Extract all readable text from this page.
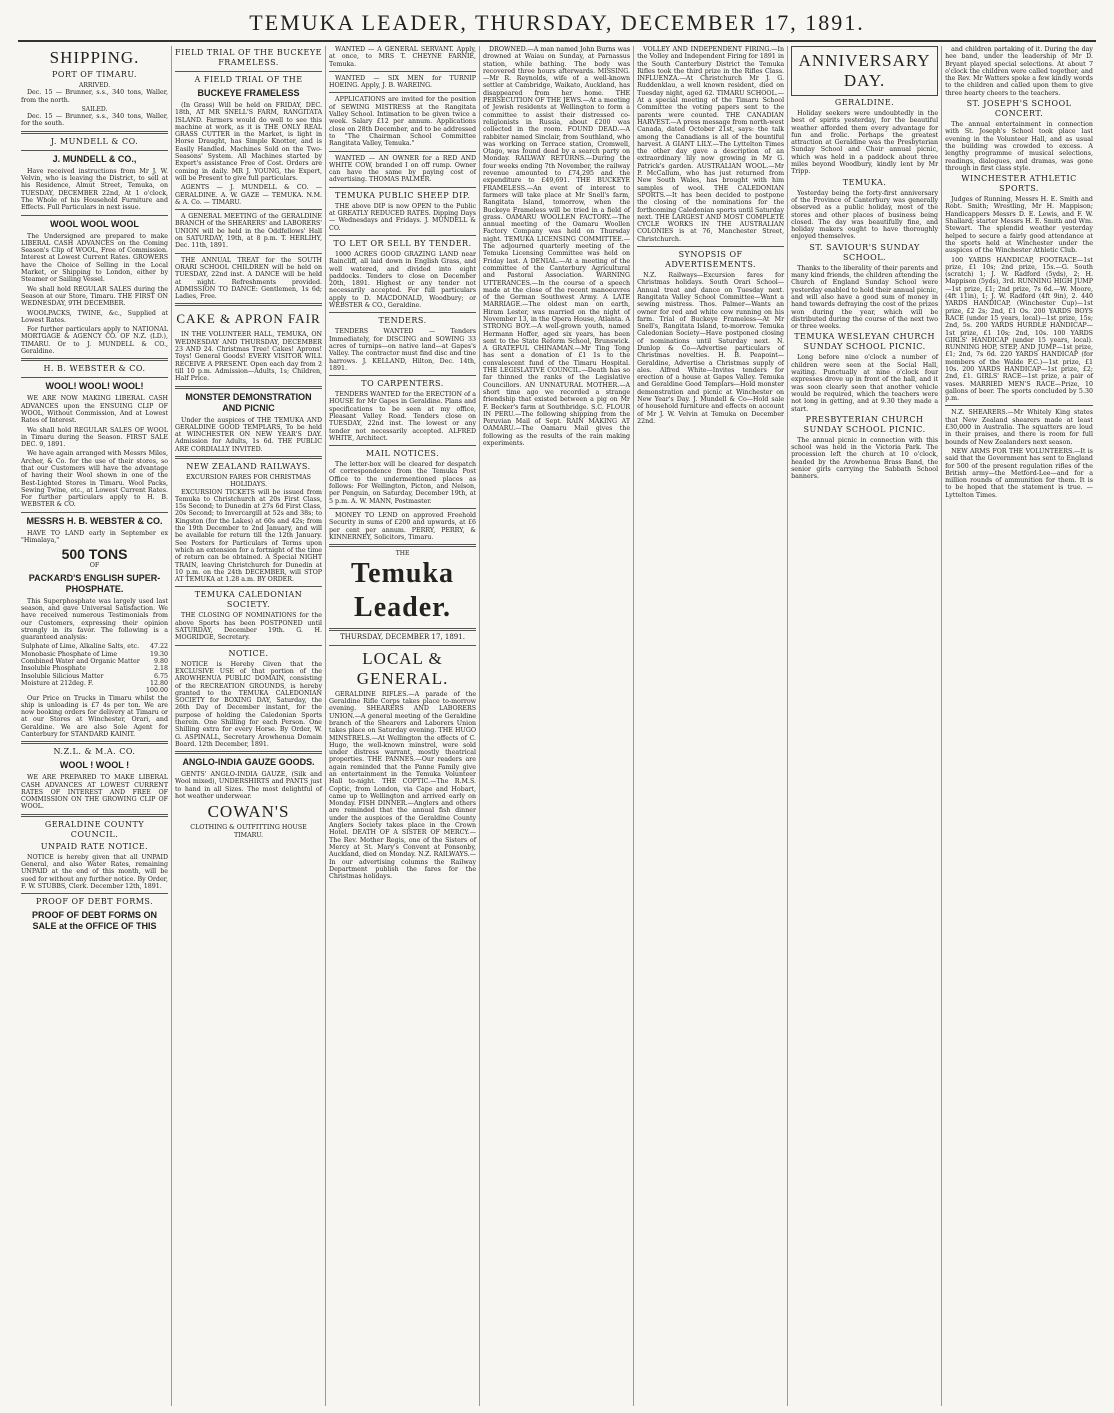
TEMUKA LEADER, THURSDAY, DECEMBER 17, 1891.
SHIPPING.
PORT OF TIMARU.
ARRIVED.

Dec. 15 — Brunner, s.s., 340 tons, Waller, from the north.

SAILED.

Dec. 15 — Brunner, s.s., 340 tons, Waller, for the south.

J. MUNDELL & CO.
J. MUNDELL & CO.,

Have received instructions from Mr J. W. Velvin, who is leaving the District, to sell at his Residence, Almut Street, Temuka, on TUESDAY, DECEMBER 22nd, At 1 o'clock, The Whole of his Household Furniture and Effects. Full Particulars in next issue.

WOOL WOOL WOOL

The Undersigned are prepared to make LIBERAL CASH ADVANCES on the Coming Season's Clip of WOOL, Free of Commission. Interest at Lowest Current Rates. GROWERS have the Choice of Selling in the Local Market, or Shipping to London, either by Steamer or Sailing Vessel.

We shall hold REGULAR SALES during the Season at our Store, Timaru. THE FIRST ON WEDNESDAY, 9TH DECEMBER.

WOOLPACKS, TWINE, &c., Supplied at Lowest Rates.

For further particulars apply to NATIONAL MORTGAGE & AGENCY CO. OF N.Z. (LD.), TIMARU. Or to J. MUNDELL & CO., Geraldine.

H. B. WEBSTER & CO.
WOOL! WOOL! WOOL!

WE ARE NOW MAKING LIBERAL CASH ADVANCES upon the ENSUING CLIP OF WOOL, Without Commission, And at Lowest Rates of Interest.

We shall hold REGULAR SALES OF WOOL in Timaru during the Season. FIRST SALE DEC. 9, 1891.

We have again arranged with Messrs Miles, Archer, & Co. for the use of their stores, so that our Customers will have the advantage of having their Wool shown in one of the Best-Lighted Stores in Timaru. Wool Packs, Sewing Twine, etc., at Lowest Current Rates. For further particulars apply to H. B. WEBSTER & CO.

MESSRS H. B. WEBSTER & CO.

HAVE TO LAND early in September ex "Himalaya,"

500 TONS
OF
PACKARD'S ENGLISH SUPER-PHOSPHATE.

This Superphosphate was largely used last season, and gave Universal Satisfaction. We have received numerous Testimonials from our Customers, expressing their opinion strongly in its favor. The following is a guaranteed analysis:

Sulphate of Lime, Alkaline Salts, etc.	47.22
Monobasic Phosphate of Lime	19.30
Combined Water and Organic Matter	9.80
Insoluble Phosphate	2.18
Insoluble Silicious Matter	6.75
Moisture at 212deg. F.	12.80
	100.00

Our Price on Trucks in Timaru whilst the ship is unloading is £7 4s per ton. We are now booking orders for delivery at Timaru or at our Stores at Winchester, Orari, and Geraldine. We are also Sole Agent for Canterbury for STANDARD KAINIT.

N.Z.L. & M.A. CO.
WOOL ! WOOL !

WE ARE PREPARED TO MAKE LIBERAL CASH ADVANCES AT LOWEST CURRENT RATES OF INTEREST AND FREE OF COMMISSION ON THE GROWING CLIP OF WOOL.

GERALDINE COUNTY COUNCIL.
UNPAID RATE NOTICE.

NOTICE is hereby given that all UNPAID General, and also Water Rates, remaining UNPAID at the end of this month, will be sued for without any further notice. By Order, F. W. STUBBS, Clerk. December 12th, 1891.

PROOF OF DEBT FORMS.
PROOF OF DEBT FORMS ON SALE at the OFFICE OF THIS
FIELD TRIAL OF THE BUCKEYE FRAMELESS.
A FIELD TRIAL OF THE
BUCKEYE FRAMELESS

(In Grass) Will be held on FRIDAY, DEC. 18th, AT MR SNELL'S FARM, RANGITATA ISLAND. Farmers would do well to see this machine at work, as it is THE ONLY REAL GRASS CUTTER in the Market, is light in Horse Draught, has Simple Knotter, and is Easily Handled. Machines Sold on the Two-Seasons' System. All Machines started by Expert's assistance Free of Cost. Orders are coming in daily. MR J. YOUNG, the Expert, will be Present to give full particulars.

AGENTS — J. MUNDELL & CO. — GERALDINE. A. W. GAZE — TEMUKA. N.M. & A. Co. — TIMARU.

A GENERAL MEETING of the GERALDINE BRANCH of the SHEARERS' and LABORERS' UNION will be held in the Oddfellows' Hall on SATURDAY, 19th, at 8 p.m. T. HERLIHY, Dec. 11th, 1891.

THE ANNUAL TREAT for the SOUTH ORARI SCHOOL CHILDREN will be held on TUESDAY, 22nd inst. A DANCE will be held at night. Refreshments provided. ADMISSION TO DANCE: Gentlemen, 1s 6d; Ladies, Free.

CAKE & APRON FAIR

IN THE VOLUNTEER HALL, TEMUKA, ON WEDNESDAY AND THURSDAY, DECEMBER 23 AND 24. Christmas Tree! Cakes! Aprons! Toys! General Goods! EVERY VISITOR WILL RECEIVE A PRESENT. Open each day from 2 till 10 p.m. Admission—Adults, 1s; Children, Half Price.

MONSTER DEMONSTRATION AND PICNIC

Under the auspices of THE TEMUKA AND GERALDINE GOOD TEMPLARS, To be held at WINCHESTER ON NEW YEAR'S DAY. Admission for Adults, 1s 6d. THE PUBLIC ARE CORDIALLY INVITED.

NEW ZEALAND RAILWAYS.
EXCURSION FARES FOR CHRISTMAS HOLIDAYS.

EXCURSION TICKETS will be issued from Temuka to Christchurch at 20s First Class, 15s Second; to Dunedin at 27s 6d First Class, 20s Second; to Invercargill at 52s and 38s; to Kingston (for the Lakes) at 60s and 42s; from the 19th December to 2nd January, and will be available for return till the 12th January. See Posters for Particulars of Terms upon which an extension for a fortnight of the time of return can be obtained. A Special NIGHT TRAIN, leaving Christchurch for Dunedin at 10 p.m. on the 24th DECEMBER, will STOP AT TEMUKA at 1.28 a.m. BY ORDER.

TEMUKA CALEDONIAN SOCIETY.

THE CLOSING OF NOMINATIONS for the above Sports has been POSTPONED until SATURDAY, December 19th. G. H. MOGRIDGE, Secretary.

NOTICE.

NOTICE is Hereby Given that the EXCLUSIVE USE of that portion of the AROWHENUA PUBLIC DOMAIN, consisting of the RECREATION GROUNDS, is hereby granted to the TEMUKA CALEDONIAN SOCIETY for BOXING DAY, Saturday, the 26th Day of December instant, for the purpose of holding the Caledonian Sports therein. One Shilling for each Person. One Shilling extra for every Horse. By Order, W. G. ASPINALL, Secretary Arowhenua Domain Board. 12th December, 1891.

ANGLO-INDIA GAUZE GOODS.

GENTS' ANGLO-INDIA GAUZE, (Silk and Wool mixed), UNDERSHIRTS and PANTS just to hand in all Sizes. The most delightful of hot weather underwear.

COWAN'S
CLOTHING & OUTFITTING HOUSE TIMARU.

WANTED — A GENERAL SERVANT. Apply, at once, to MRS T. CHEYNE FARNIE, Temuka.

WANTED — SIX MEN for TURNIP HOEING. Apply, J. B. WAREING.

APPLICATIONS are invited for the position of SEWING MISTRESS at the Rangitata Valley School. Intimation to be given twice a week. Salary £12 per annum. Applications close on 28th December, and to be addressed to "The Chairman School Committee Rangitata Valley, Temuka."

WANTED — AN OWNER for a RED AND WHITE COW, branded I on off rump. Owner can have the same by paying cost of advertising. THOMAS PALMER.

TEMUKA PUBLIC SHEEP DIP.

THE above DIP is now OPEN to the Public at GREATLY REDUCED RATES. Dipping Days — Wednesdays and Fridays. J. MUNDELL & CO.

TO LET OR SELL BY TENDER.

1000 ACRES GOOD GRAZING LAND near Raincliff, all laid down in English Grass, and well watered, and divided into eight paddocks. Tenders to close on December 20th, 1891. Highest or any tender not necessarily accepted. For full particulars apply to D. MACDONALD, Woodbury; or WEBSTER & CO., Geraldine.

TENDERS.

TENDERS WANTED — Tenders Immediately, for DISCING and SOWING 33 acres of turnips—on native land—at Gapes's Valley. The contractor must find disc and tine harrows. J. KELLAND, Hilton, Dec. 14th, 1891.

TO CARPENTERS.

TENDERS WANTED for the ERECTION of a HOUSE for Mr Gapes in Geraldine. Plans and specifications to be seen at my office, Pleasant Valley Road. Tenders close on TUESDAY, 22nd inst. The lowest or any tender not necessarily accepted. ALFRED WHITE, Architect.

MAIL NOTICES.

The letter-box will be cleared for despatch of correspondence from the Temuka Post Office to the undermentioned places as follows: For Wellington, Picton, and Nelson, per Penguin, on Saturday, December 19th, at 5 p.m. A. W. MANN, Postmaster.

MONEY TO LEND on approved Freehold Security in sums of £200 and upwards, at £6 per cent per annum. PERRY, PERRY, & KINNERNEY, Solicitors, Timaru.

THE
Temuka Leader.
THURSDAY, DECEMBER 17, 1891.
LOCAL & GENERAL.

GERALDINE RIFLES.—A parade of the Geraldine Rifle Corps takes place to-morrow evening. SHEARERS AND LABORERS UNION.—A general meeting of the Geraldine branch of the Shearers and Laborers Union takes place on Saturday evening. THE HUGO MINSTRELS.—At Wellington the effects of C. Hugo, the well-known minstrel, were sold under distress warrant, mostly theatrical properties. THE PANNES.—Our readers are again reminded that the Panne Family give an entertainment in the Temuka Volunteer Hall to-night. THE COPTIC.—The R.M.S. Coptic, from London, via Cape and Hobart, came up to Wellington and arrived early on Monday. FISH DINNER.—Anglers and others are reminded that the annual fish dinner under the auspices of the Geraldine County Anglers Society takes place in the Crown Hotel. DEATH OF A SISTER OF MERCY.—The Rev. Mother Regis, one of the Sisters of Mercy at St. Mary's Convent at Ponsonby, Auckland, died on Monday. N.Z. RAILWAYS.—In our advertising columns the Railway Department publish the fares for the Christmas holidays.

DROWNED.—A man named John Burns was drowned at Waiau on Sunday, at Parnassus station, while bathing. The body was recovered three hours afterwards. MISSING.—Mr R. Reynolds, wife of a well-known settler at Cambridge, Waikato, Auckland, has disappeared from her home. THE PERSECUTION OF THE JEWS.—At a meeting of Jewish residents at Wellington to form a committee to assist their distressed co-religionists in Russia, about £200 was collected in the room. FOUND DEAD.—A rabbiter named Sinclair, from Southland, who was working on Terrace station, Cromwell, Otago, was found dead by a search party on Monday. RAILWAY RETURNS.—During the four weeks ending 7th November, the railway revenue amounted to £74,295 and the expenditure to £49,691. THE BUCKEYE FRAMELESS.—An event of interest to farmers will take place at Mr Snell's farm, Rangitata Island, tomorrow, when the Buckeye Frameless will be tried in a field of grass. OAMARU WOOLLEN FACTORY.—The annual meeting of the Oamaru Woollen Factory Company was held on Thursday night. TEMUKA LICENSING COMMITTEE.—The adjourned quarterly meeting of the Temuka Licensing Committee was held on Friday last. A DENIAL.—At a meeting of the committee of the Canterbury Agricultural and Pastoral Association. WARNING UTTERANCES.—In the course of a speech made at the close of the recent manoeuvres of the German Southwest Army. A LATE MARRIAGE.—The oldest man on earth, Hiram Lester, was married on the night of November 13, in the Opera House, Atlanta. A STRONG BOY.—A well-grown youth, named Hermann Hoffer, aged six years, has been sent to the State Reform School, Brunswick. A GRATEFUL CHINAMAN.—Mr Ting Tong has sent a donation of £1 1s to the convalescent fund of the Timaru Hospital. THE LEGISLATIVE COUNCIL.—Death has so far thinned the ranks of the Legislative Councillors. AN UNNATURAL MOTHER.—A short time ago we recorded a strange friendship that existed between a pig on Mr F. Becker's farm at Southbridge. S.C. FLOUR IN PERU.—The following shipping from the Peruvian Mail of Sept. RAIN MAKING AT OAMARU.—The Oamaru Mail gives the following as the results of the rain making experiments.

VOLLEY AND INDEPENDENT FIRING.—In the Volley and Independent Firing for 1891 in the South Canterbury District the Temuka Rifles took the third prize in the Rifles Class. INFLUENZA.—At Christchurch Mr J. G. Ruddenklau, a well known resident, died on Tuesday night, aged 62. TIMARU SCHOOL.—At a special meeting of the Timaru School Committee the voting papers sent to the parents were counted. THE CANADIAN HARVEST.—A press message from north-west Canada, dated October 21st, says: the talk among the Canadians is all of the bountiful harvest. A GIANT LILY.—The Lyttelton Times the other day gave a description of an extraordinary lily now growing in Mr G. Patrick's garden. AUSTRALIAN WOOL.—Mr P. McCallum, who has just returned from New South Wales, has brought with him samples of wool. THE CALEDONIAN SPORTS.—It has been decided to postpone the closing of the nominations for the forthcoming Caledonian sports until Saturday next. THE LARGEST AND MOST COMPLETE CYCLE WORKS IN THE AUSTRALIAN COLONIES is at 76, Manchester Street, Christchurch.

SYNOPSIS OF ADVERTISEMENTS.

N.Z. Railways—Excursion fares for Christmas holidays. South Orari School—Annual treat and dance on Tuesday next. Rangitata Valley School Committee—Want a sewing mistress. Thos. Palmer—Wants an owner for red and white cow running on his farm. Trial of Buckeye Frameless—At Mr Snell's, Rangitata Island, to-morrow. Temuka Caledonian Society—Have postponed closing of nominations until Saturday next. N. Dunlop & Co—Advertise particulars of Christmas novelties. H. B. Peapoint—Geraldine, Advertise a Christmas supply of ales. Alfred White—Invites tenders for erection of a house at Gapes Valley. Temuka and Geraldine Good Templars—Hold monster demonstration and picnic at Winchester on New Year's Day. J. Mundell & Co—Hold sale of household furniture and effects on account of Mr J. W. Velvin at Temuka on December 22nd.

ANNIVERSARY DAY.
GERALDINE.

Holiday seekers were undoubtedly in the best of spirits yesterday, for the beautiful weather afforded them every advantage for fun and frolic. Perhaps the greatest attraction at Geraldine was the Presbyterian Sunday School and Choir annual picnic, which was held in a paddock about three miles beyond Woodbury, kindly lent by Mr Tripp.

TEMUKA.

Yesterday being the forty-first anniversary of the Province of Canterbury was generally observed as a public holiday, most of the stores and other places of business being closed. The day was beautifully fine, and holiday makers ought to have thoroughly enjoyed themselves.

ST. SAVIOUR'S SUNDAY SCHOOL.

Thanks to the liberality of their parents and many kind friends, the children attending the Church of England Sunday School were yesterday enabled to hold their annual picnic, and will also have a good sum of money in hand towards defraying the cost of the prizes won during the year, which will be distributed during the course of the next two or three weeks.

TEMUKA WESLEYAN CHURCH SUNDAY SCHOOL PICNIC.

Long before nine o'clock a number of children were seen at the Social Hall, waiting. Punctually at nine o'clock four expresses drove up in front of the hall, and it was soon clearly seen that another vehicle would be required, which the teachers were not long in getting, and at 9.30 they made a start.

PRESBYTERIAN CHURCH SUNDAY SCHOOL PICNIC.

The annual picnic in connection with this school was held in the Victoria Park. The procession left the church at 10 o'clock, headed by the Arowhenua Brass Band, the senior girls carrying the Sabbath School banners.

and children partaking of it. During the day hee band, under the leadership of Mr D. Bryant played special selections. At about 7 o'clock the children were called together, and the Rev. Mr Watters spoke a few kindly words to the children and called upon them to give three hearty cheers to the teachers.

ST. JOSEPH'S SCHOOL CONCERT.

The annual entertainment in connection with St. Joseph's School took place last evening in the Volunteer Hall, and as usual the building was crowded to excess. A lengthy programme of musical selections, readings, dialogues, and dramas, was gone through in first class style.

WINCHESTER ATHLETIC SPORTS.

Judges of Running, Messrs H. E. Smith and Robt. Smith; Wrestling, Mr H. Mappison; Handicappers Messrs D. E. Lewis, and F. W. Shallard; starter Messrs H. E. Smith and Wm. Stewart. The splendid weather yesterday helped to secure a fairly good attendance at the sports held at Winchester under the auspices of the Winchester Athletic Club.

100 YARDS HANDICAP, FOOTRACE—1st prize, £1 10s; 2nd prize, 15s.—G. South (scratch) 1; J. W. Radford (5yds), 2; H. Mappison (5yds), 3rd. RUNNING HIGH JUMP—1st prize, £1; 2nd prize, 7s 6d.—W. Moore, (4ft 11in), 1; J. W. Radford (4ft 9in), 2. 440 YARDS HANDICAP, (Winchester Cup)—1st prize, £2 2s; 2nd, £1 Os. 200 YARDS BOYS RACE (under 15 years, local)—1st prize, 15s; 2nd, 5s. 200 YARDS HURDLE HANDICAP—1st prize, £1 10s; 2nd, 10s. 100 YARDS GIRLS' HANDICAP (under 15 years, local). RUNNING HOP, STEP, AND JUMP—1st prize, £1; 2nd, 7s 6d. 220 YARDS HANDICAP (for members of the Walde F.C.)—1st prize, £1 10s. 200 YARDS HANDICAP—1st prize, £2; 2nd, £1. GIRLS' RACE—1st prize, a pair of vases. MARRIED MEN'S RACE—Prize, 10 gallons of beer. The sports concluded by 5.30 p.m.

N.Z. SHEARERS.—Mr Whitely King states that New Zealand shearers made at least £30,000 in Australia. The squatters are loud in their praises, and there is room for full bounds of New Zealanders next season.

NEW ARMS FOR THE VOLUNTEERS.—It is said that the Government has sent to England for 500 of the present regulation rifles of the British army—the Metford-Lee—and for a million rounds of ammunition for them. It is to be hoped that the statement is true. —Lyttelton Times.
